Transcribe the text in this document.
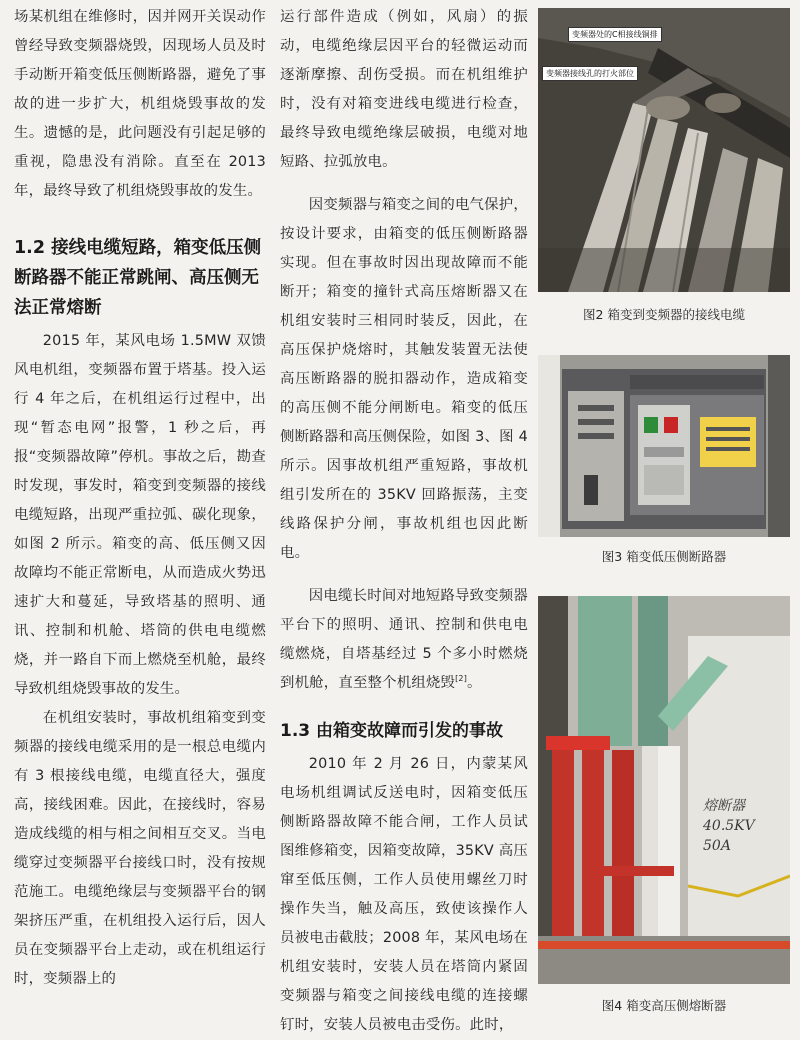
场某机组在维修时，因并网开关误动作 曾经导致变频器烧毁，因现场人员及时手动断开箱变低压侧断路器，避免了事故的进一步扩大，机组烧毁事故的发生。遗憾的是，此问题没有引起足够的重视，隐患没有消除。直至在 2013 年，最终导致了机组烧毁事故的发生。

1.2 接线电缆短路，箱变低压侧断路器不能正常跳闸、高压侧无法正常熔断

2015 年，某风电场 1.5MW 双馈风电机组，变频器布置于塔基。投入运行 4 年之后，在机组运行过程中，出现“暂态电网”报警，1 秒之后，再报“变频器故障”停机。事故之后，勘查时发现，事发时，箱变到变频器的接线电缆短路，出现严重拉弧、碳化现象，如图 2 所示。箱变的高、低压侧又因故障均不能正常断电，从而造成火势迅速扩大和蔓延，导致塔基的照明、通讯、控制和机舱、塔筒的供电电缆燃烧，并一路自下而上燃烧至机舱，最终导致机组烧毁事故的发生。

在机组安装时，事故机组箱变到变频器的接线电缆采用的是一根总电缆内有 3 根接线电缆，电缆直径大，强度高，接线困难。因此，在接线时，容易造成线缆的相与相之间相互交叉。当电缆穿过变频器平台接线口时，没有按规范施工。电缆绝缘层与变频器平台的钢架挤压严重，在机组投入运行后，因人员在变频器平台上走动，或在机组运行时，变频器上的

运行部件造成（例如，风扇）的振动，电缆绝缘层因平台的轻微运动而逐渐摩擦、刮伤受损。而在机组维护时，没有对箱变进线电缆进行检查，最终导致电缆绝缘层破损，电缆对地短路、拉弧放电。

因变频器与箱变之间的电气保护，按设计要求，由箱变的低压侧断路器实现。但在事故时因出现故障而不能断开；箱变的撞针式高压熔断器又在机组安装时三相同时装反，因此，在高压保护烧熔时，其触发装置无法使高压断路器的脱扣器动作，造成箱变的高压侧不能分闸断电。箱变的低压侧断路器和高压侧保险，如图 3、图 4 所示。因事故机组严重短路，事故机组引发所在的 35KV 回路振荡，主变线路保护分闸，事故机组也因此断电。

因电缆长时间对地短路导致变频器平台下的照明、通讯、控制和供电电缆燃烧，自塔基经过 5 个多小时燃烧到机舱，直至整个机组烧毁[2]。

1.3 由箱变故障而引发的事故

2010 年 2 月 26 日，内蒙某风电场机组调试反送电时，因箱变低压侧断路器故障不能合闸，工作人员试图维修箱变，因箱变故障，35KV 高压窜至低压侧，工作人员使用螺丝刀时操作失当，触及高压，致使该操作人员被电击截肢；2008 年，某风电场在机组安装时，安装人员在塔筒内紧固变频器与箱变之间接线电缆的连接螺钉时，安装人员被电击受伤。此时，

变频器处的C相接线铜排
变频器接线孔的打火部位
图2 箱变到变频器的接线电缆
图3 箱变低压侧断路器
熔断器
40.5KV
50A
图4 箱变高压侧熔断器
